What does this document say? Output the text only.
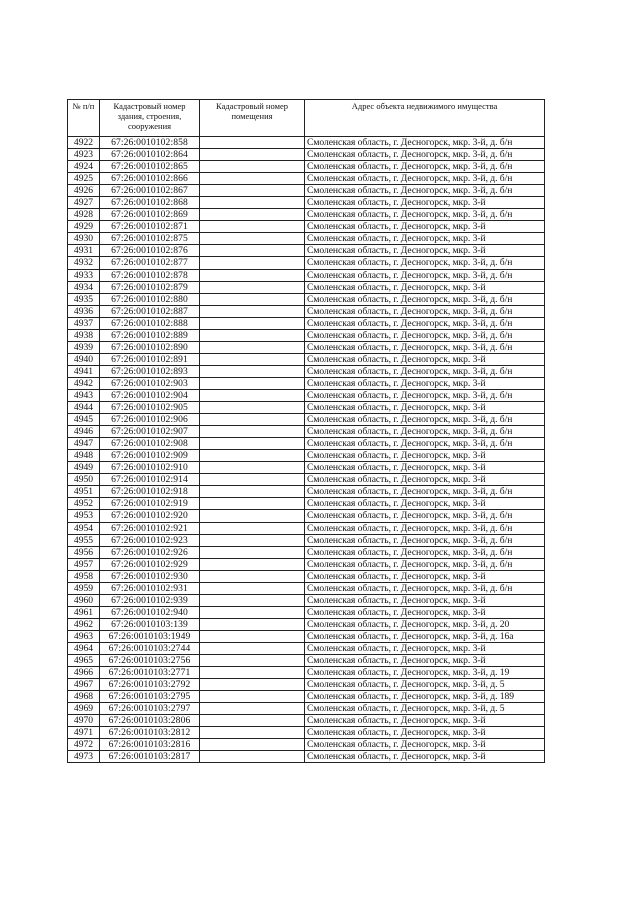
№ п/п	Кадастровый номер здания, строения, сооружения	Кадастровый номер помещения	Адрес объекта недвижимого имущества
4922	67:26:0010102:858		Смоленская область, г. Десногорск, мкр. 3-й, д. б/н
4923	67:26:0010102:864		Смоленская область, г. Десногорск, мкр. 3-й, д. б/н
4924	67:26:0010102:865		Смоленская область, г. Десногорск, мкр. 3-й, д. б/н
4925	67:26:0010102:866		Смоленская область, г. Десногорск, мкр. 3-й, д. б/н
4926	67:26:0010102:867		Смоленская область, г. Десногорск, мкр. 3-й, д. б/н
4927	67:26:0010102:868		Смоленская область, г. Десногорск, мкр. 3-й
4928	67:26:0010102:869		Смоленская область, г. Десногорск, мкр. 3-й, д. б/н
4929	67:26:0010102:871		Смоленская область, г. Десногорск, мкр. 3-й
4930	67:26:0010102:875		Смоленская область, г. Десногорск, мкр. 3-й
4931	67:26:0010102:876		Смоленская область, г. Десногорск, мкр. 3-й
4932	67:26:0010102:877		Смоленская область, г. Десногорск, мкр. 3-й, д. б/н
4933	67:26:0010102:878		Смоленская область, г. Десногорск, мкр. 3-й, д. б/н
4934	67:26:0010102:879		Смоленская область, г. Десногорск, мкр. 3-й
4935	67:26:0010102:880		Смоленская область, г. Десногорск, мкр. 3-й, д. б/н
4936	67:26:0010102:887		Смоленская область, г. Десногорск, мкр. 3-й, д. б/н
4937	67:26:0010102:888		Смоленская область, г. Десногорск, мкр. 3-й, д. б/н
4938	67:26:0010102:889		Смоленская область, г. Десногорск, мкр. 3-й, д. б/н
4939	67:26:0010102:890		Смоленская область, г. Десногорск, мкр. 3-й, д. б/н
4940	67:26:0010102:891		Смоленская область, г. Десногорск, мкр. 3-й
4941	67:26:0010102:893		Смоленская область, г. Десногорск, мкр. 3-й, д. б/н
4942	67:26:0010102:903		Смоленская область, г. Десногорск, мкр. 3-й
4943	67:26:0010102:904		Смоленская область, г. Десногорск, мкр. 3-й, д. б/н
4944	67:26:0010102:905		Смоленская область, г. Десногорск, мкр. 3-й
4945	67:26:0010102:906		Смоленская область, г. Десногорск, мкр. 3-й, д. б/н
4946	67:26:0010102:907		Смоленская область, г. Десногорск, мкр. 3-й, д. б/н
4947	67:26:0010102:908		Смоленская область, г. Десногорск, мкр. 3-й, д. б/н
4948	67:26:0010102:909		Смоленская область, г. Десногорск, мкр. 3-й
4949	67:26:0010102:910		Смоленская область, г. Десногорск, мкр. 3-й
4950	67:26:0010102:914		Смоленская область, г. Десногорск, мкр. 3-й
4951	67:26:0010102:918		Смоленская область, г. Десногорск, мкр. 3-й, д. б/н
4952	67:26:0010102:919		Смоленская область, г. Десногорск, мкр. 3-й
4953	67:26:0010102:920		Смоленская область, г. Десногорск, мкр. 3-й, д. б/н
4954	67:26:0010102:921		Смоленская область, г. Десногорск, мкр. 3-й, д. б/н
4955	67:26:0010102:923		Смоленская область, г. Десногорск, мкр. 3-й, д. б/н
4956	67:26:0010102:926		Смоленская область, г. Десногорск, мкр. 3-й, д. б/н
4957	67:26:0010102:929		Смоленская область, г. Десногорск, мкр. 3-й, д. б/н
4958	67:26:0010102:930		Смоленская область, г. Десногорск, мкр. 3-й
4959	67:26:0010102:931		Смоленская область, г. Десногорск, мкр. 3-й, д. б/н
4960	67:26:0010102:939		Смоленская область, г. Десногорск, мкр. 3-й
4961	67:26:0010102:940		Смоленская область, г. Десногорск, мкр. 3-й
4962	67:26:0010103:139		Смоленская область, г. Десногорск, мкр. 3-й, д. 20
4963	67:26:0010103:1949		Смоленская область, г. Десногорск, мкр. 3-й, д. 16а
4964	67:26:0010103:2744		Смоленская область, г. Десногорск, мкр. 3-й
4965	67:26:0010103:2756		Смоленская область, г. Десногорск, мкр. 3-й
4966	67:26:0010103:2771		Смоленская область, г. Десногорск, мкр. 3-й, д. 19
4967	67:26:0010103:2792		Смоленская область, г. Десногорск, мкр. 3-й, д. 5
4968	67:26:0010103:2795		Смоленская область, г. Десногорск, мкр. 3-й, д. 189
4969	67:26:0010103:2797		Смоленская область, г. Десногорск, мкр. 3-й, д. 5
4970	67:26:0010103:2806		Смоленская область, г. Десногорск, мкр. 3-й
4971	67:26:0010103:2812		Смоленская область, г. Десногорск, мкр. 3-й
4972	67:26:0010103:2816		Смоленская область, г. Десногорск, мкр. 3-й
4973	67:26:0010103:2817		Смоленская область, г. Десногорск, мкр. 3-й
